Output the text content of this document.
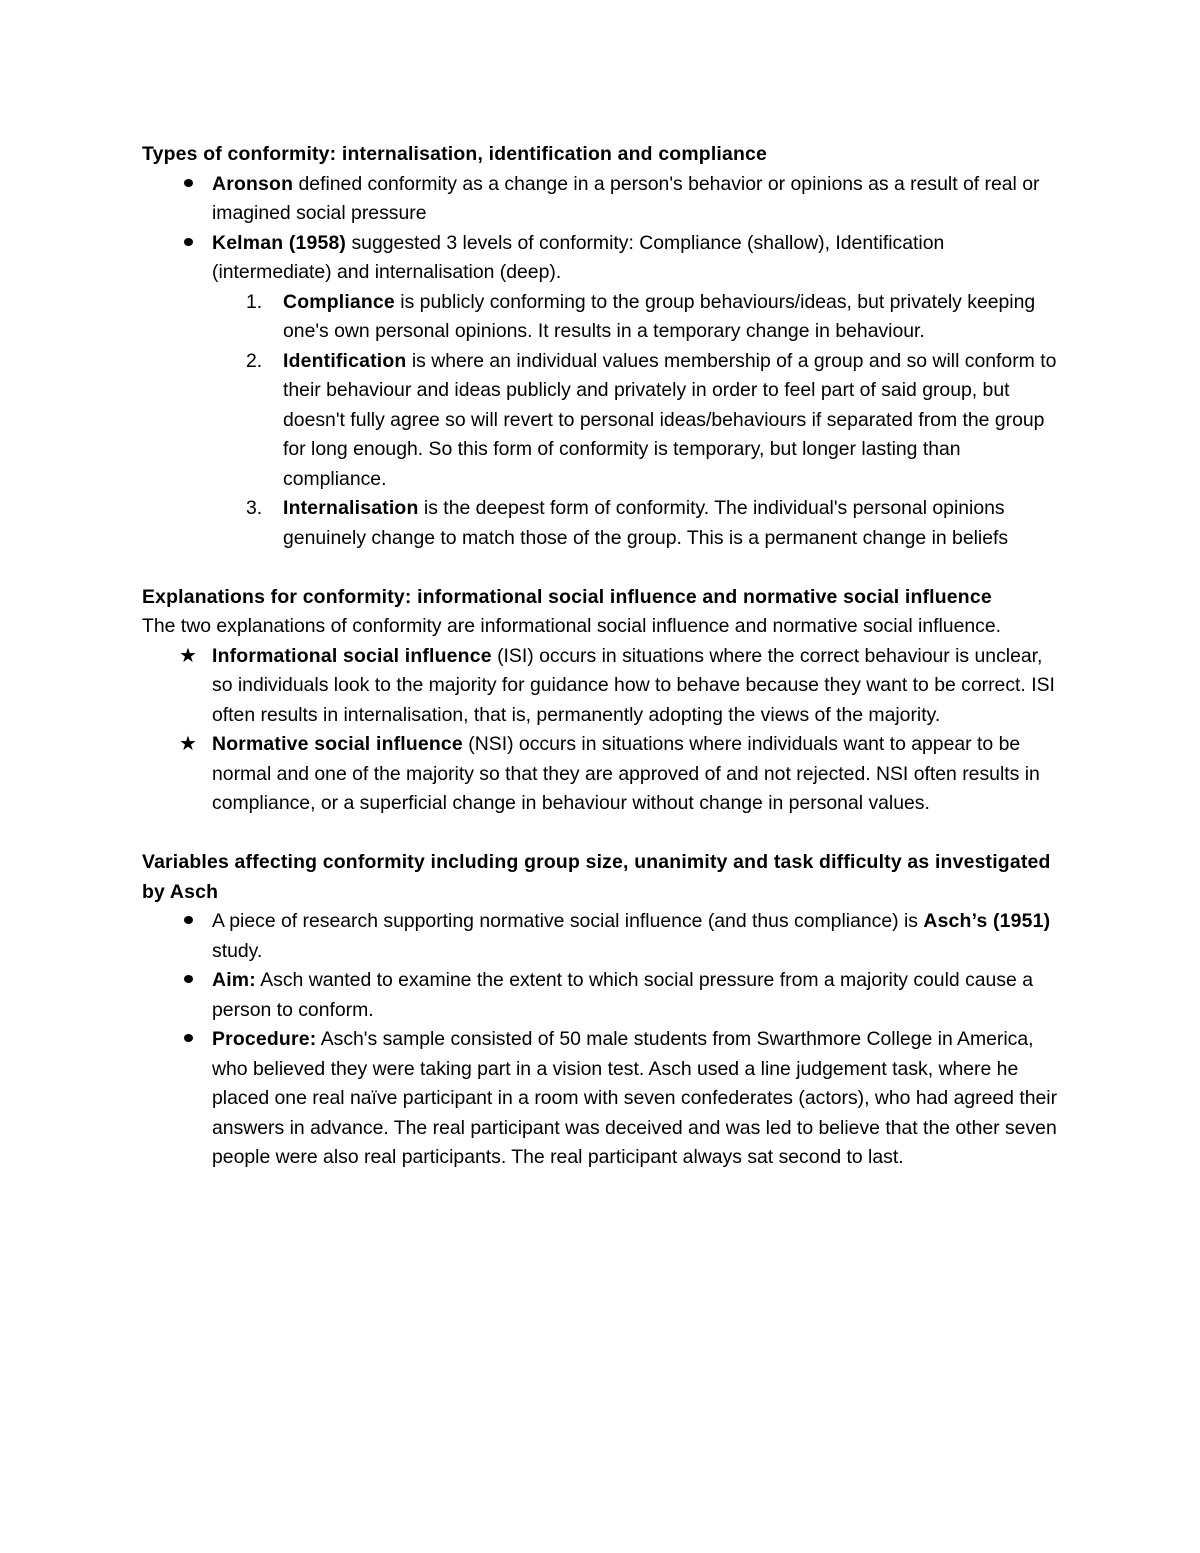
Types of conformity: internalisation, identification and compliance

Aronson defined conformity as a change in a person's behavior or opinions as a result of real or imagined social pressure

Kelman (1958) suggested 3 levels of conformity: Compliance (shallow), Identification (intermediate) and internalisation (deep).

1. Compliance is publicly conforming to the group behaviours/ideas, but privately keeping one's own personal opinions. It results in a temporary change in behaviour.

2. Identification is where an individual values membership of a group and so will conform to their behaviour and ideas publicly and privately in order to feel part of said group, but doesn't fully agree so will revert to personal ideas/behaviours if separated from the group for long enough. So this form of conformity is temporary, but longer lasting than compliance.

3. Internalisation is the deepest form of conformity. The individual's personal opinions genuinely change to match those of the group. This is a permanent change in beliefs

Explanations for conformity: informational social influence and normative social influence

The two explanations of conformity are informational social influence and normative social influence.

★ Informational social influence (ISI) occurs in situations where the correct behaviour is unclear, so individuals look to the majority for guidance how to behave because they want to be correct. ISI often results in internalisation, that is, permanently adopting the views of the majority.

★ Normative social influence (NSI) occurs in situations where individuals want to appear to be normal and one of the majority so that they are approved of and not rejected. NSI often results in compliance, or a superficial change in behaviour without change in personal values.

Variables affecting conformity including group size, unanimity and task difficulty as investigated by Asch

A piece of research supporting normative social influence (and thus compliance) is Asch’s (1951) study.

Aim: Asch wanted to examine the extent to which social pressure from a majority could cause a person to conform.

Procedure: Asch's sample consisted of 50 male students from Swarthmore College in America, who believed they were taking part in a vision test. Asch used a line judgement task, where he placed one real naïve participant in a room with seven confederates (actors), who had agreed their answers in advance. The real participant was deceived and was led to believe that the other seven people were also real participants. The real participant always sat second to last.
